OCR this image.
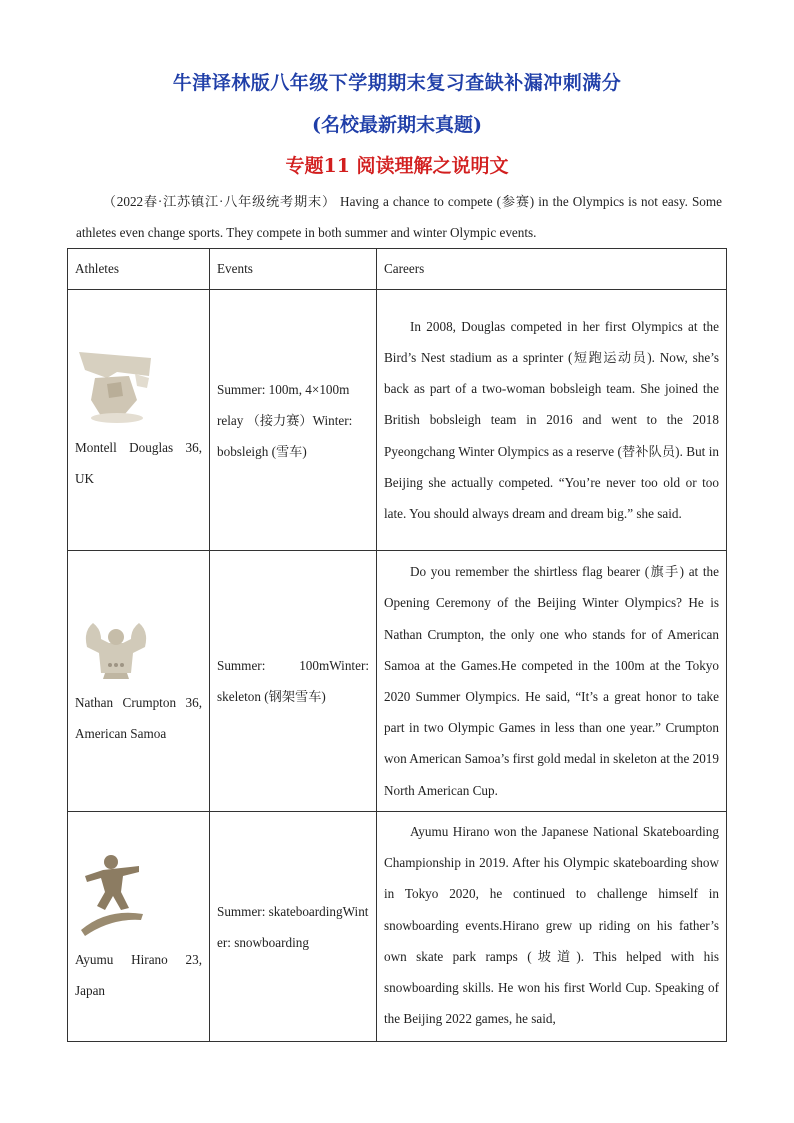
牛津译林版八年级下学期期末复习查缺补漏冲刺满分
(名校最新期末真题)
专题11 阅读理解之说明文
（2022春·江苏镇江·八年级统考期末） Having a chance to compete (参赛) in the Olympics is not easy. Some athletes even change sports. They compete in both summer and winter Olympic events.
Athletes	Events	Careers

Montell Douglas 36,
UK	Summer: 100m, 4×100m relay （接力赛）Winter: bobsleigh (雪车)	In 2008, Douglas competed in her first Olympics at the Bird’s Nest stadium as a sprinter (短跑运动员). Now, she’s back as part of a two-woman bobsleigh team. She joined the British bobsleigh team in 2016 and went to the 2018 Pyeongchang Winter Olympics as a reserve (替补队员). But in Beijing she actually competed. “You’re never too old or too late. You should always dream and dream big.” she said.

Nathan Crumpton 36,
American Samoa	Summer: 100mWinter: skeleton (钢架雪车)	Do you remember the shirtless flag bearer (旗手) at the Opening Ceremony of the Beijing Winter Olympics? He is Nathan Crumpton, the only one who stands for of American Samoa at the Games.He competed in the 100m at the Tokyo 2020 Summer Olympics. He said, “It’s a great honor to take part in two Olympic Games in less than one year.” Crumpton won American Samoa’s first gold medal in skeleton at the 2019 North American Cup.

Ayumu Hirano 23,
Japan	Summer: skateboardingWinter: snowboarding	Ayumu Hirano won the Japanese National Skateboarding Championship in 2019. After his Olympic skateboarding show in Tokyo 2020, he continued to challenge himself in snowboarding events.Hirano grew up riding on his father’s own skate park ramps (坡道). This helped with his snowboarding skills. He won his first World Cup. Speaking of the Beijing 2022 games, he said,
